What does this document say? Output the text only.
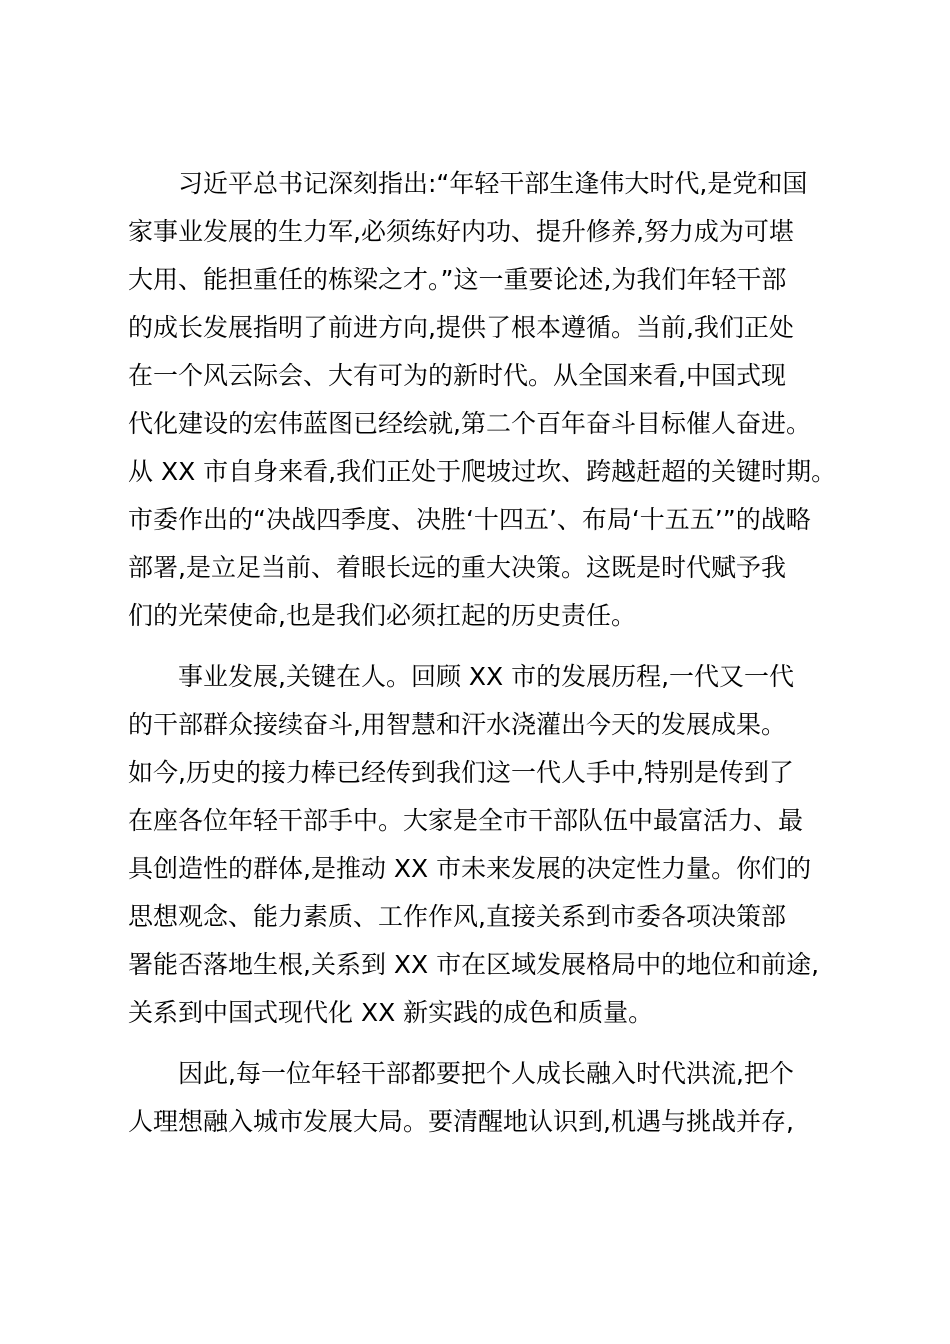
习近平总书记深刻指出:“年轻干部生逢伟大时代,是党和国
家事业发展的生力军,必须练好内功、提升修养,努力成为可堪
大用、能担重任的栋梁之才。”这一重要论述,为我们年轻干部
的成长发展指明了前进方向,提供了根本遵循。当前,我们正处
在一个风云际会、大有可为的新时代。从全国来看,中国式现
代化建设的宏伟蓝图已经绘就,第二个百年奋斗目标催人奋进。
从 XX 市自身来看,我们正处于爬坡过坎、跨越赶超的关键时期。
市委作出的“决战四季度、决胜‘十四五’、布局‘十五五’”的战略
部署,是立足当前、着眼长远的重大决策。这既是时代赋予我
们的光荣使命,也是我们必须扛起的历史责任。

事业发展,关键在人。回顾 XX 市的发展历程,一代又一代
的干部群众接续奋斗,用智慧和汗水浇灌出今天的发展成果。
如今,历史的接力棒已经传到我们这一代人手中,特别是传到了
在座各位年轻干部手中。大家是全市干部队伍中最富活力、最
具创造性的群体,是推动 XX 市未来发展的决定性力量。你们的
思想观念、能力素质、工作作风,直接关系到市委各项决策部
署能否落地生根,关系到 XX 市在区域发展格局中的地位和前途,
关系到中国式现代化 XX 新实践的成色和质量。

因此,每一位年轻干部都要把个人成长融入时代洪流,把个
人理想融入城市发展大局。要清醒地认识到,机遇与挑战并存,
